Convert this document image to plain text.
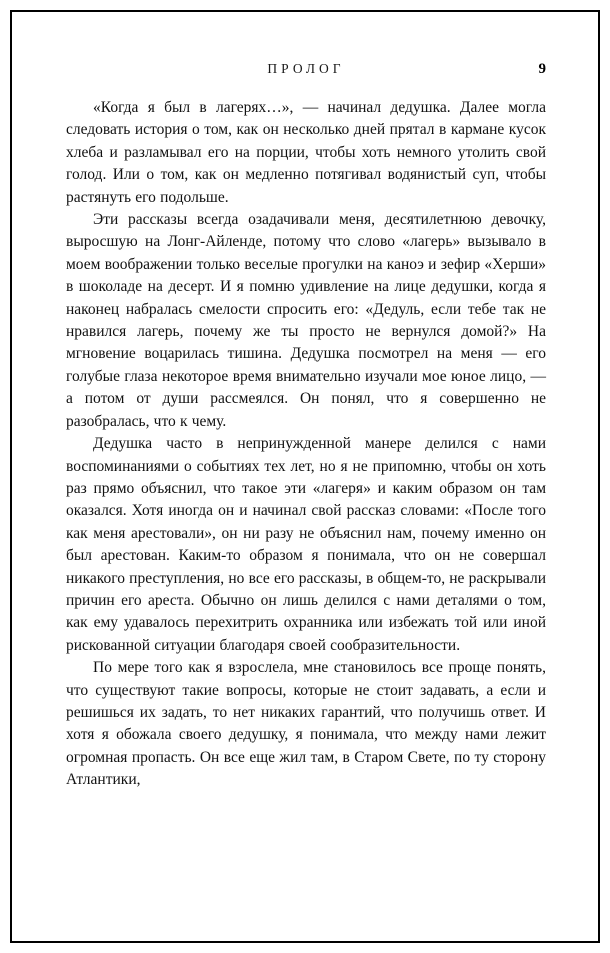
ПРОЛОГ	9

«Когда я был в лагерях…», — начинал дедушка. Далее могла следовать история о том, как он несколько дней прятал в кармане кусок хлеба и разламывал его на порции, чтобы хоть немного утолить свой голод. Или о том, как он медленно потягивал водянистый суп, чтобы растянуть его подольше.

Эти рассказы всегда озадачивали меня, десятилетнюю девочку, выросшую на Лонг-Айленде, потому что слово «лагерь» вызывало в моем воображении только веселые прогулки на каноэ и зефир «Херши» в шоколаде на десерт. И я помню удивление на лице дедушки, когда я наконец набралась смелости спросить его: «Дедуль, если тебе так не нравился лагерь, почему же ты просто не вернулся домой?» На мгновение воцарилась тишина. Дедушка посмотрел на меня — его голубые глаза некоторое время внимательно изучали мое юное лицо, — а потом от души рассмеялся. Он понял, что я совершенно не разобралась, что к чему.

Дедушка часто в непринужденной манере делился с нами воспоминаниями о событиях тех лет, но я не припомню, чтобы он хоть раз прямо объяснил, что такое эти «лагеря» и каким образом он там оказался. Хотя иногда он и начинал свой рассказ словами: «После того как меня арестовали», он ни разу не объяснил нам, почему именно он был арестован. Каким-то образом я понимала, что он не совершал никакого преступления, но все его рассказы, в общем-то, не раскрывали причин его ареста. Обычно он лишь делился с нами деталями о том, как ему удавалось перехитрить охранника или избежать той или иной рискованной ситуации благодаря своей сообразительности.

По мере того как я взрослела, мне становилось все проще понять, что существуют такие вопросы, которые не стоит задавать, а если и решишься их задать, то нет никаких гарантий, что получишь ответ. И хотя я обожала своего дедушку, я понимала, что между нами лежит огромная пропасть. Он все еще жил там, в Старом Свете, по ту сторону Атлантики,
